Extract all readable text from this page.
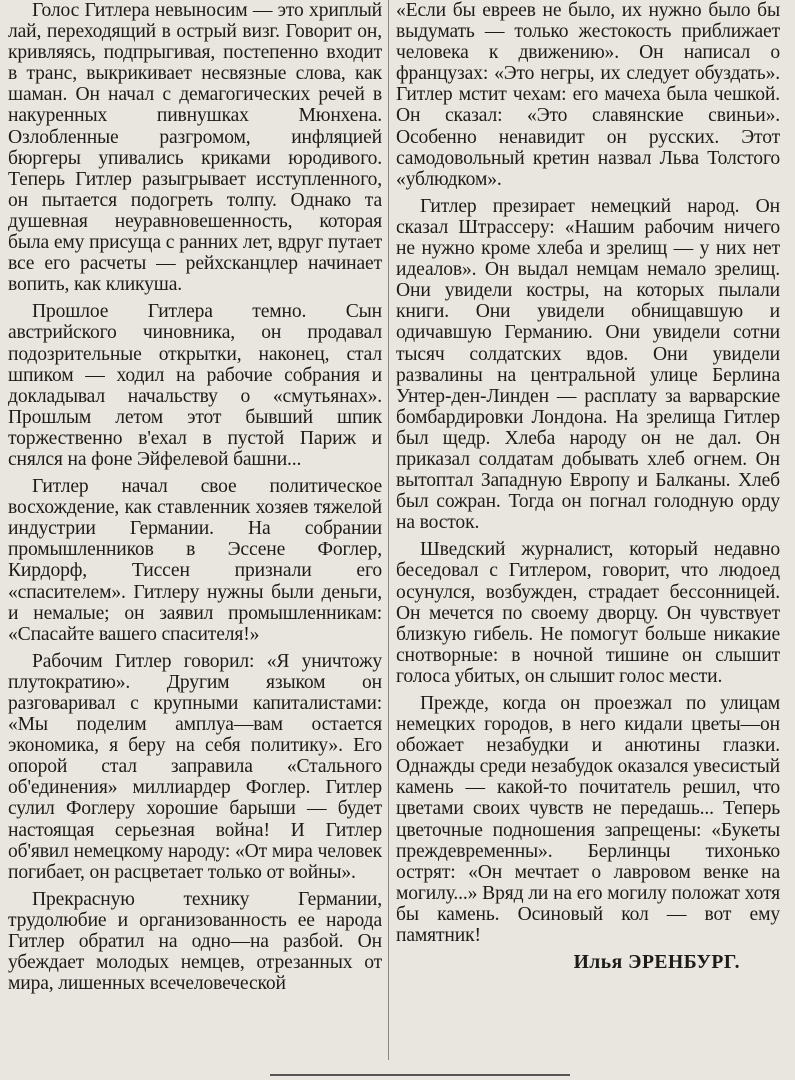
Голос Гитлера невыносим — это хриплый лай, переходящий в острый визг. Говорит он, кривляясь, подпрыгивая, постепенно входит в транс, выкрикивает несвязные слова, как шаман. Он начал с демагогических речей в накуренных пивнушках Мюнхена. Озлобленные разгромом, инфляцией бюргеры упивались криками юродивого. Теперь Гитлер разыгрывает исступленного, он пытается подогреть толпу. Однако та душевная неуравновешенность, которая была ему присуща с ранних лет, вдруг путает все его расчеты — рейхсканцлер начинает вопить, как кликуша.

Прошлое Гитлера темно. Сын австрийского чиновника, он продавал подозрительные открытки, наконец, стал шпиком — ходил на рабочие собрания и докладывал начальству о «смутьянах». Прошлым летом этот бывший шпик торжественно в'ехал в пустой Париж и снялся на фоне Эйфелевой башни...

Гитлер начал свое политическое восхождение, как ставленник хозяев тяжелой индустрии Германии. На собрании промышленников в Эссене Фоглер, Кирдорф, Тиссен признали его «спасителем». Гитлеру нужны были деньги, и немалые; он заявил промышленникам: «Спасайте вашего спасителя!»

Рабочим Гитлер говорил: «Я уничтожу плутократию». Другим языком он разговаривал с крупными капиталистами: «Мы поделим амплуа—вам остается экономика, я беру на себя политику». Его опорой стал заправила «Стального об'единения» миллиардер Фоглер. Гитлер сулил Фоглеру хорошие барыши — будет настоящая серьезная война! И Гитлер об'явил немецкому народу: «От мира человек погибает, он расцветает только от войны».

Прекрасную технику Германии, трудолюбие и организованность ее народа Гитлер обратил на одно—на разбой. Он убеждает молодых немцев, отрезанных от мира, лишенных всечеловеческой

«Если бы евреев не было, их нужно было бы выдумать — только жестокость приближает человека к движению». Он написал о французах: «Это негры, их следует обуздать». Гитлер мстит чехам: его мачеха была чешкой. Он сказал: «Это славянские свиньи». Особенно ненавидит он русских. Этот самодовольный кретин назвал Льва Толстого «ублюдком».

Гитлер презирает немецкий народ. Он сказал Штрассеру: «Нашим рабочим ничего не нужно кроме хлеба и зрелищ — у них нет идеалов». Он выдал немцам немало зрелищ. Они увидели костры, на которых пылали книги. Они увидели обнищавшую и одичавшую Германию. Они увидели сотни тысяч солдатских вдов. Они увидели развалины на центральной улице Берлина Унтер-ден-Линден — расплату за варварские бомбардировки Лондона. На зрелища Гитлер был щедр. Хлеба народу он не дал. Он приказал солдатам добывать хлеб огнем. Он вытоптал Западную Европу и Балканы. Хлеб был сожран. Тогда он погнал голодную орду на восток.

Шведский журналист, который недавно беседовал с Гитлером, говорит, что людоед осунулся, возбужден, страдает бессонницей. Он мечется по своему дворцу. Он чувствует близкую гибель. Не помогут больше никакие снотворные: в ночной тишине он слышит голоса убитых, он слышит голос мести.

Прежде, когда он проезжал по улицам немецких городов, в него кидали цветы—он обожает незабудки и анютины глазки. Однажды среди незабудок оказался увесистый камень — какой-то почитатель решил, что цветами своих чувств не передашь... Теперь цветочные подношения запрещены: «Букеты преждевременны». Берлинцы тихонько острят: «Он мечтает о лавровом венке на могилу...» Вряд ли на его могилу положат хотя бы камень. Осиновый кол — вот ему памятник!

Илья ЭРЕНБУРГ.
